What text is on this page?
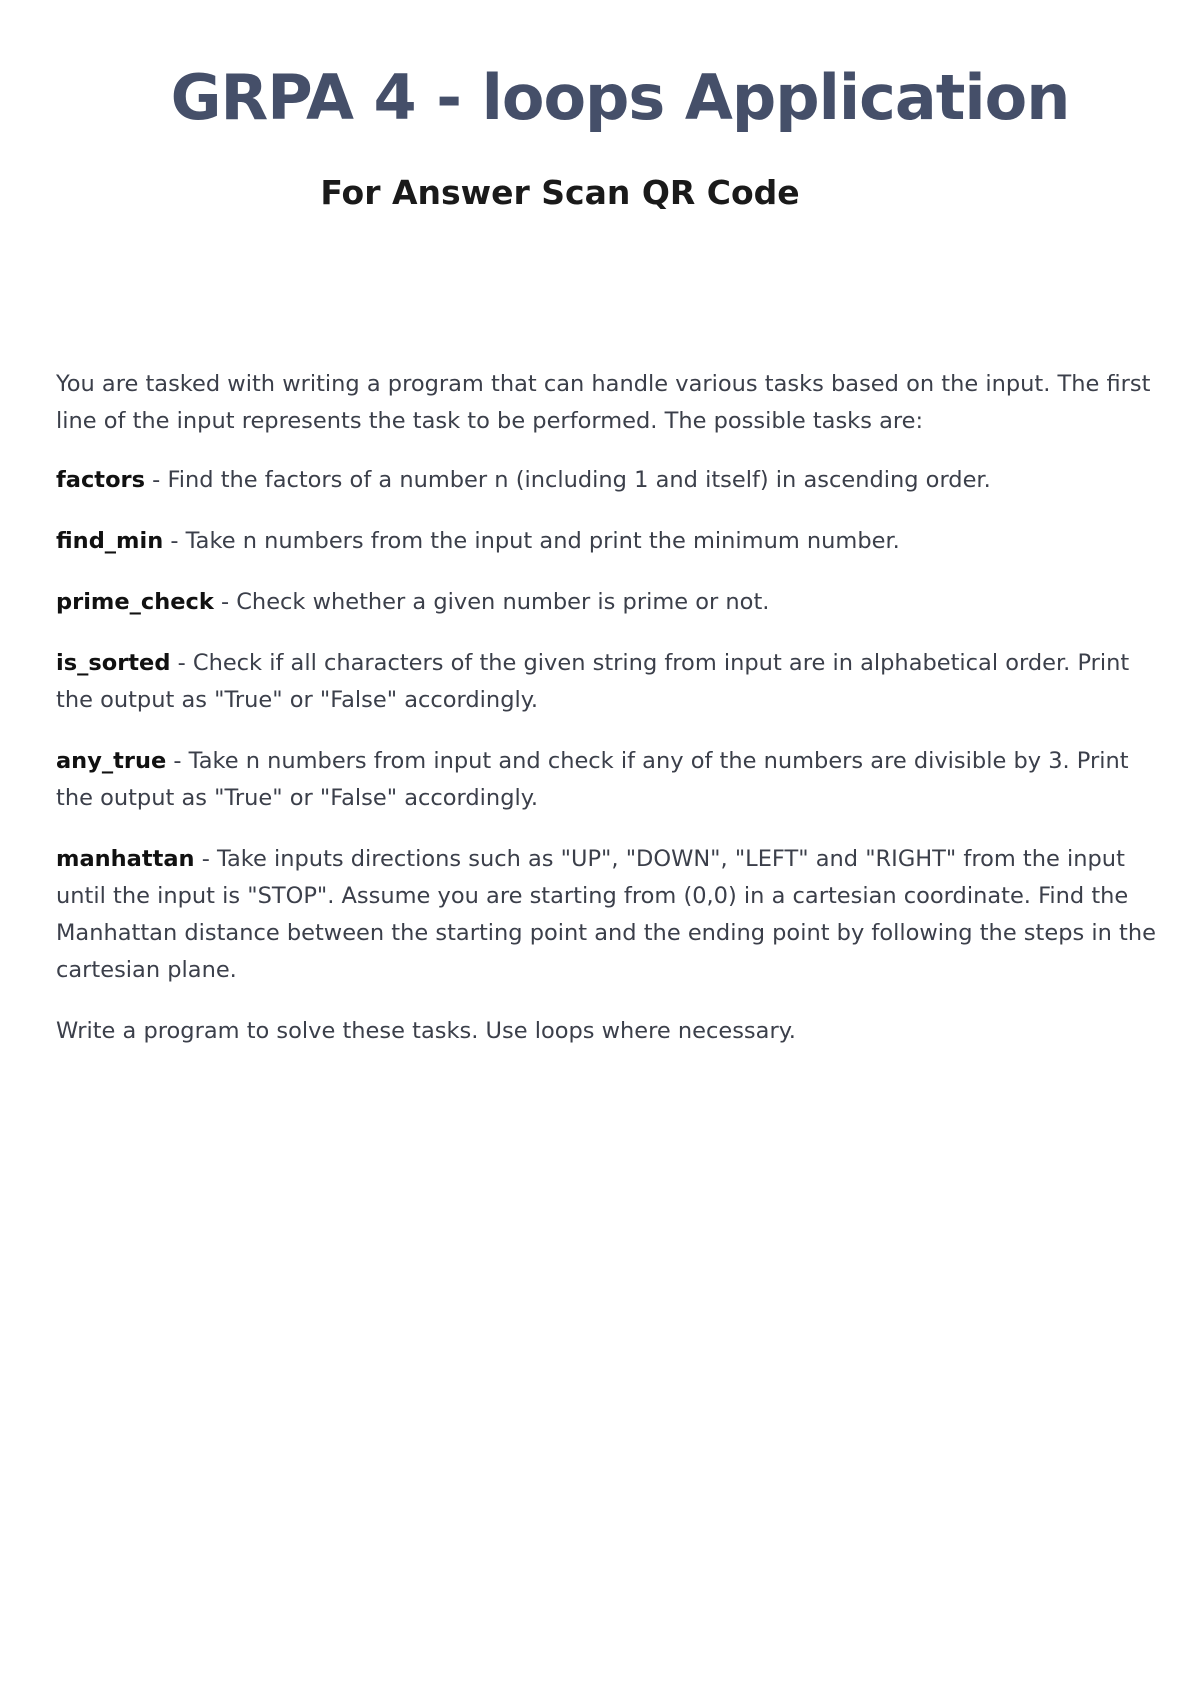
GRPA 4 - loops Application
For Answer Scan QR Code

You are tasked with writing a program that can handle various tasks based on the input. The first line of the input represents the task to be performed. The possible tasks are:

factors - Find the factors of a number n (including 1 and itself) in ascending order.

find_min - Take n numbers from the input and print the minimum number.

prime_check - Check whether a given number is prime or not.

is_sorted - Check if all characters of the given string from input are in alphabetical order. Print the output as "True" or "False" accordingly.

any_true - Take n numbers from input and check if any of the numbers are divisible by 3. Print the output as "True" or "False" accordingly.

manhattan - Take inputs directions such as "UP", "DOWN", "LEFT" and "RIGHT" from the input until the input is "STOP". Assume you are starting from (0,0) in a cartesian coordinate. Find the Manhattan distance between the starting point and the ending point by following the steps in the cartesian plane.

Write a program to solve these tasks. Use loops where necessary.
